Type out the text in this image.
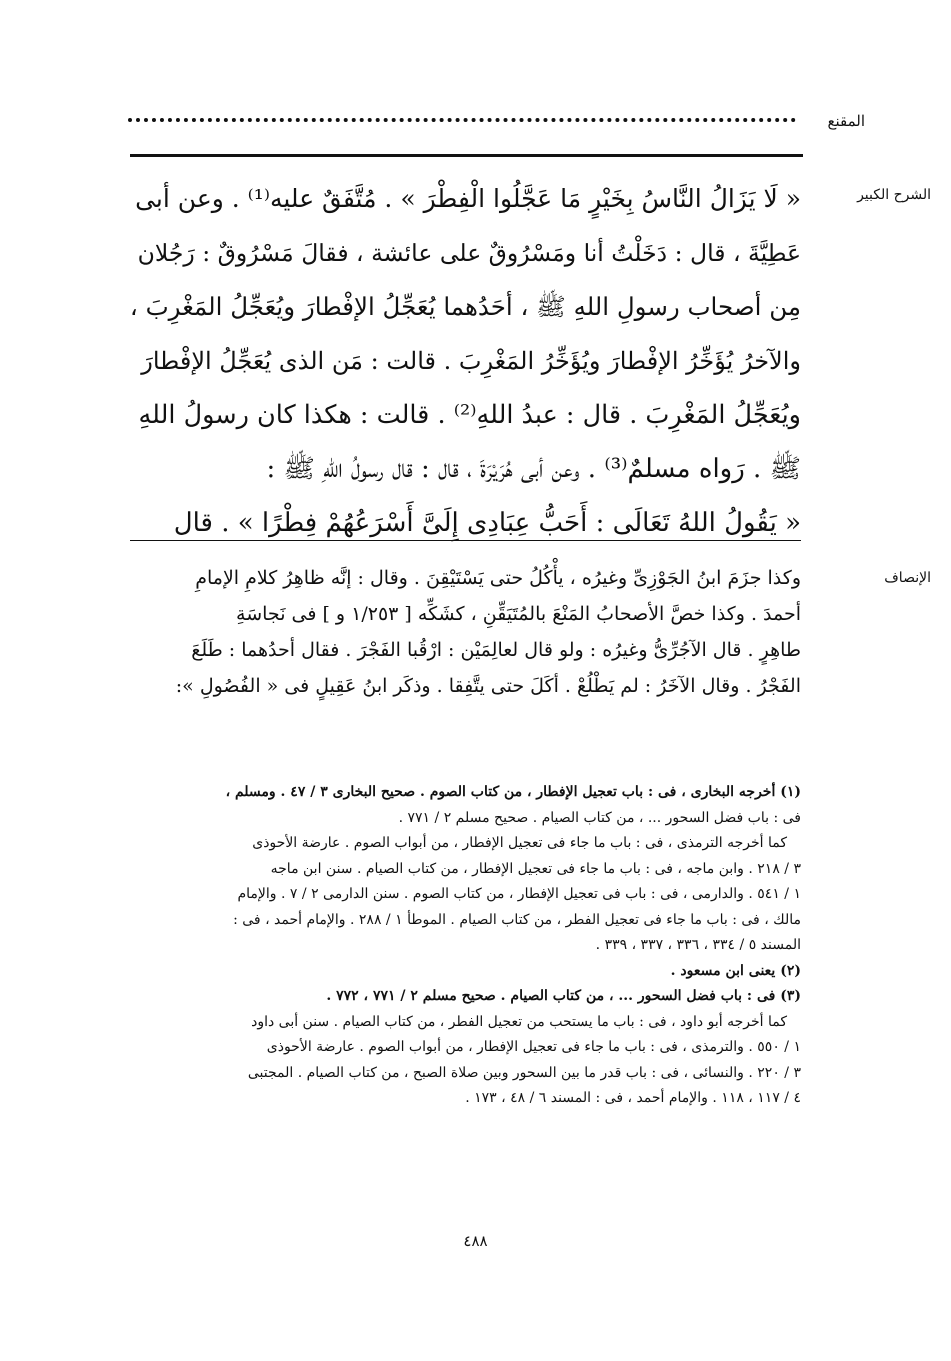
المقنع
الشرح الكبير

« لَا يَزَالُ النَّاسُ بِخَيْرٍ مَا عَجَّلُوا الْفِطْرَ » . مُتَّفَقٌ عليه⁽¹⁾ . وعن أبى

عَطِيَّةَ ، قال : دَخَلْتُ أنا ومَسْرُوقٌ على عائشة ، فقالَ مَسْرُوقٌ : رَجُلان

مِن أصحاب رسولِ اللهِ ﷺ ، أحَدُهما يُعَجِّلُ الإفْطارَ ويُعَجِّلُ المَغْرِبَ ،

والآخرُ يُؤَخِّرُ الإفْطارَ ويُؤَخِّرُ المَغْرِبَ . قالت : مَن الذى يُعَجِّلُ الإفْطارَ

ويُعَجِّلُ المَغْرِبَ . قال : عبدُ اللهِ⁽²⁾ . قالت : هكذا كان رسولُ اللهِ

ﷺ . رَواه مسلمٌ⁽³⁾ . وعن أبى هُرَيْرَةَ ، قال : قال رسولُ اللهِ ﷺ :

« يَقُولُ اللهُ تَعَالَى : أَحَبُّ عِبَادِى إِلَىَّ أَسْرَعُهُمْ فِطْرًا » . قال

الإنصاف

وكذا جزَمَ ابنُ الجَوْزِىِّ وغيرُه ، يأْكُلُ حتى يَسْتَيْقِنَ . وقال : إنَّه ظاهِرُ كلامِ الإمامِ

أحمدَ . وكذا خصَّ الأصحابُ المَنْعَ بالمُتَيَقِّنِ ، كشَكِّه [ ١/٢٥٣ و ] فى نَجاسَةِ

طاهِرٍ . قال الآجُرِّىُّ وغيرُه : ولو قال لعالِمَيْن : ارْقُبا الفَجْرَ . فقال أحدُهما : طَلَعَ

الفَجْرُ . وقال الآخَرُ : لم يَطْلُعْ . أكَلَ حتى يتَّفِقا . وذكَر ابنُ عَقِيلٍ فى « الفُصُولِ »:

(١) أخرجه البخارى ، فى : باب تعجيل الإفطار ، من كتاب الصوم . صحيح البخارى ٣ / ٤٧ . ومسلم ،

فى : باب فضل السحور ... ، من كتاب الصيام . صحيح مسلم ٢ / ٧٧١ .

كما أخرجه الترمذى ، فى : باب ما جاء فى تعجيل الإفطار ، من أبواب الصوم . عارضة الأحوذى

٣ / ٢١٨ . وابن ماجه ، فى : باب ما جاء فى تعجيل الإفطار ، من كتاب الصيام . سنن ابن ماجه

١ / ٥٤١ . والدارمى ، فى : باب فى تعجيل الإفطار ، من كتاب الصوم . سنن الدارمى ٢ / ٧ . والإمام

مالك ، فى : باب ما جاء فى تعجيل الفطر ، من كتاب الصيام . الموطأ ١ / ٢٨٨ . والإمام أحمد ، فى :

المسند ٥ / ٣٣٤ ، ٣٣٦ ، ٣٣٧ ، ٣٣٩ .

(٢) يعنى ابن مسعود .

(٣) فى : باب فضل السحور ... ، من كتاب الصيام . صحيح مسلم ٢ / ٧٧١ ، ٧٧٢ .

كما أخرجه أبو داود ، فى : باب ما يستحب من تعجيل الفطر ، من كتاب الصيام . سنن أبى داود

١ / ٥٥٠ . والترمذى ، فى : باب ما جاء فى تعجيل الإفطار ، من أبواب الصوم . عارضة الأحوذى

٣ / ٢٢٠ . والنسائى ، فى : باب قدر ما بين السحور وبين صلاة الصبح ، من كتاب الصيام . المجتبى

٤ / ١١٧ ، ١١٨ . والإمام أحمد ، فى : المسند ٦ / ٤٨ ، ١٧٣ .

٤٨٨
